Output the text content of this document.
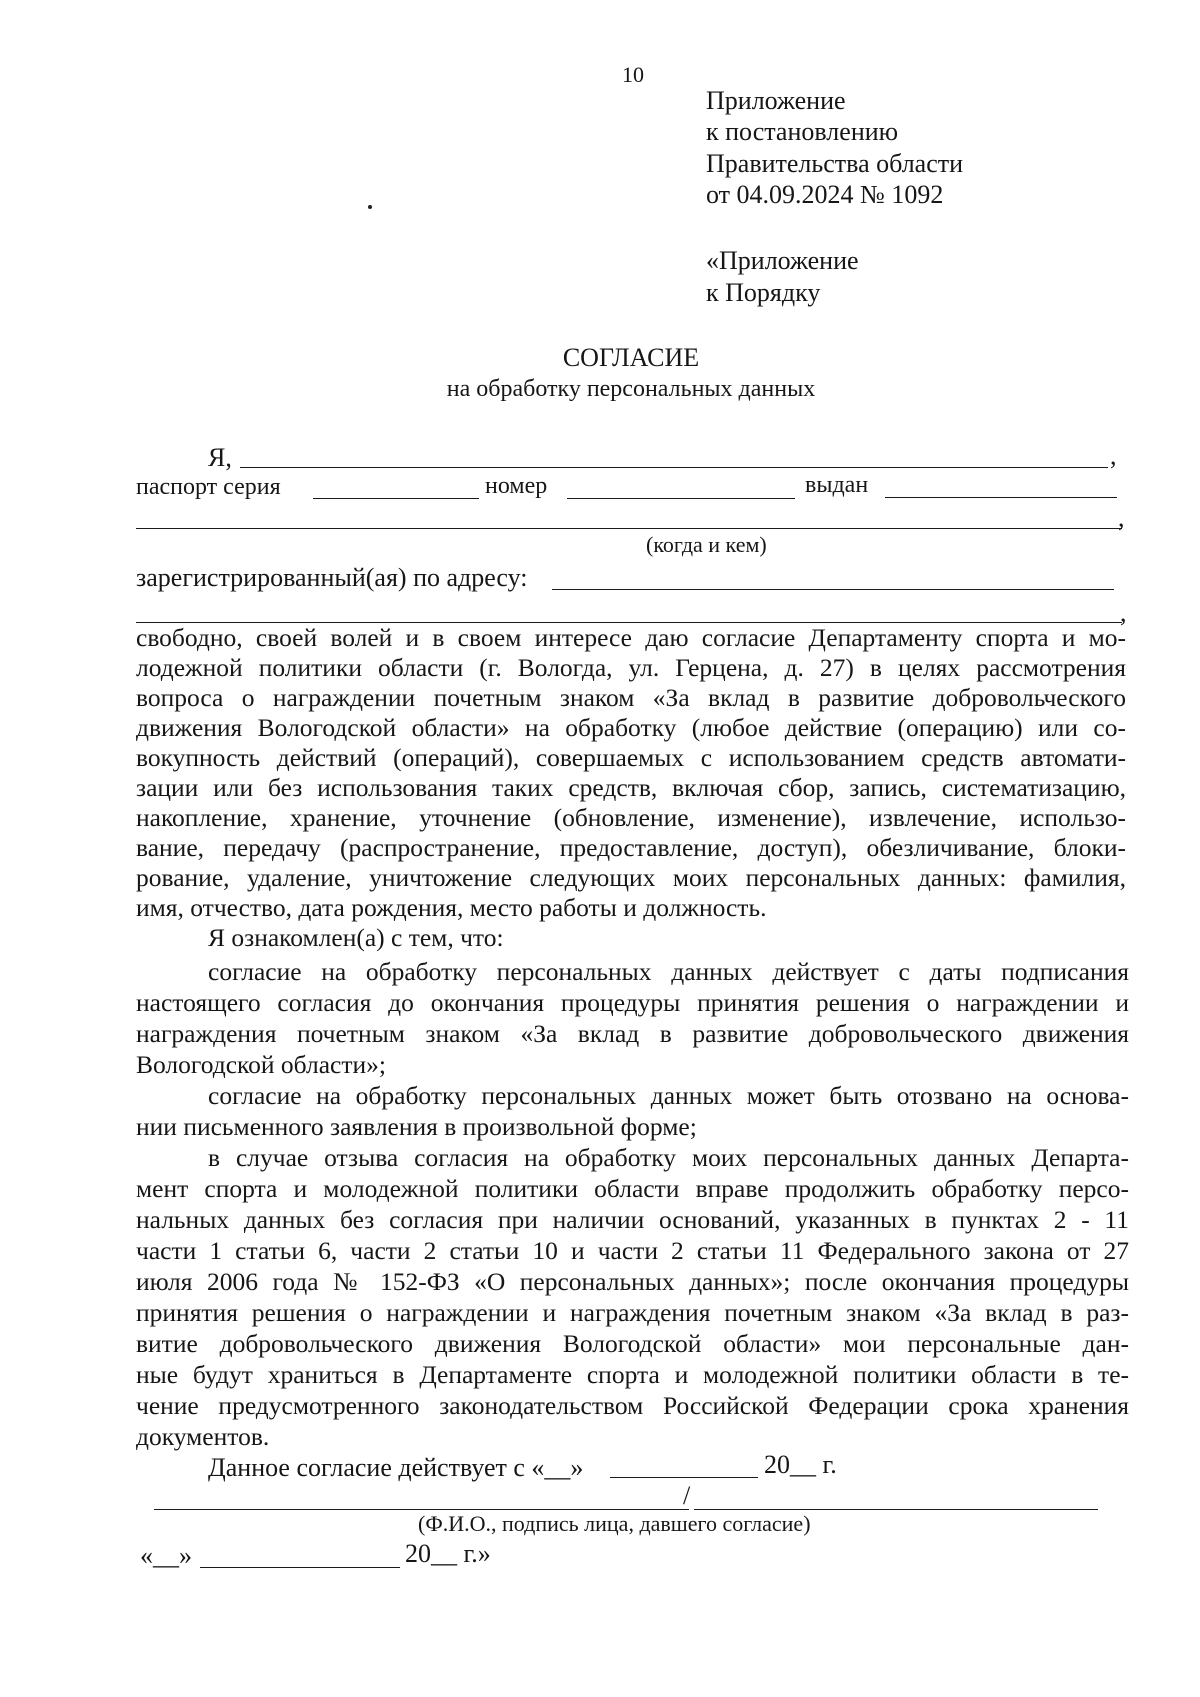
10
Приложение
к постановлению
Правительства области
от 04.09.2024 № 1092
«Приложение
к Порядку
СОГЛАСИЕ
на обработку персональных данных
Я,	,
паспорт серия	номер	выдан
,
(когда и кем)
зарегистрированный(ая) по адресу:
,
свободно, своей волей и в своем интересе даю согласие Департаменту спорта и мо-
лодежной политики области (г. Вологда, ул. Герцена, д. 27) в целях рассмотрения
вопроса о награждении почетным знаком «За вклад в развитие добровольческого
движения Вологодской области» на обработку (любое действие (операцию) или со-
вокупность действий (операций), совершаемых с использованием средств автомати-
зации или без использования таких средств, включая сбор, запись, систематизацию,
накопление, хранение, уточнение (обновление, изменение), извлечение, использо-
вание, передачу (распространение, предоставление, доступ), обезличивание, блоки-
рование, удаление, уничтожение следующих моих персональных данных: фамилия,
имя, отчество, дата рождения, место работы и должность.
Я ознакомлен(а) с тем, что:
согласие на обработку персональных данных действует с даты подписания
настоящего согласия до окончания процедуры принятия решения о награждении и
награждения почетным знаком «За вклад в развитие добровольческого движения
Вологодской области»;
согласие на обработку персональных данных может быть отозвано на основа-
нии письменного заявления в произвольной форме;
в случае отзыва согласия на обработку моих персональных данных Департа-
мент спорта и молодежной политики области вправе продолжить обработку персо-
нальных данных без согласия при наличии оснований, указанных в пунктах 2 - 11
части 1 статьи 6, части 2 статьи 10 и части 2 статьи 11 Федерального закона от 27
июля 2006 года № 152-ФЗ «О персональных данных»; после окончания процедуры
принятия решения о награждении и награждения почетным знаком «За вклад в раз-
витие добровольческого движения Вологодской области» мои персональные дан-
ные будут храниться в Департаменте спорта и молодежной политики области в те-
чение предусмотренного законодательством Российской Федерации срока хранения
документов.
Данное согласие действует с «__»	20__ г.
/
(Ф.И.О., подпись лица, давшего согласие)
«__»	20__ г.»
